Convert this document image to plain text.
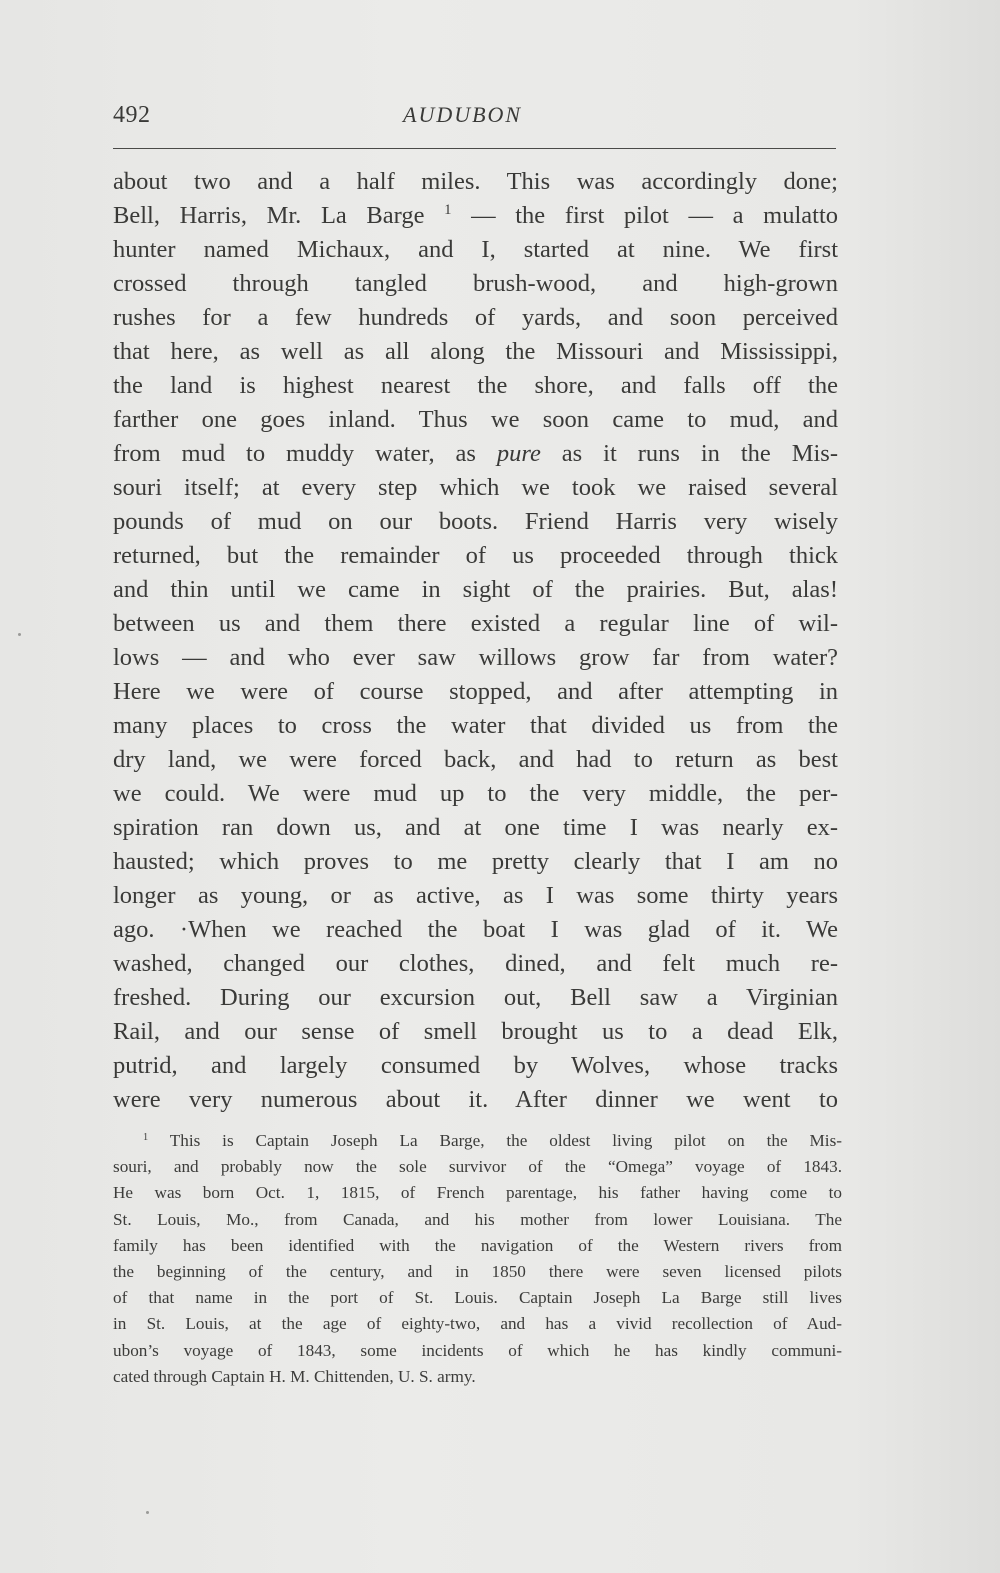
492	AUDUBON
about two and a half miles. This was accordingly done;
Bell, Harris, Mr. La Barge $^1$ — the first pilot — a mulatto
hunter named Michaux, and I, started at nine. We first
crossed through tangled brush-wood, and high-grown
rushes for a few hundreds of yards, and soon perceived
that here, as well as all along the Missouri and Mississippi,
the land is highest nearest the shore, and falls off the
farther one goes inland. Thus we soon came to mud, and
from mud to muddy water, as pure as it runs in the Mis-
souri itself; at every step which we took we raised several
pounds of mud on our boots. Friend Harris very wisely
returned, but the remainder of us proceeded through thick
and thin until we came in sight of the prairies. But, alas!
between us and them there existed a regular line of wil-
lows — and who ever saw willows grow far from water?
Here we were of course stopped, and after attempting in
many places to cross the water that divided us from the
dry land, we were forced back, and had to return as best
we could. We were mud up to the very middle, the per-
spiration ran down us, and at one time I was nearly ex-
hausted; which proves to me pretty clearly that I am no
longer as young, or as active, as I was some thirty years
ago. ·When we reached the boat I was glad of it. We
washed, changed our clothes, dined, and felt much re-
freshed. During our excursion out, Bell saw a Virginian
Rail, and our sense of smell brought us to a dead Elk,
putrid, and largely consumed by Wolves, whose tracks
were very numerous about it. After dinner we went to
$^1$ This is Captain Joseph La Barge, the oldest living pilot on the Mis-
souri, and probably now the sole survivor of the “Omega” voyage of 1843.
He was born Oct. 1, 1815, of French parentage, his father having come to
St. Louis, Mo., from Canada, and his mother from lower Louisiana. The
family has been identified with the navigation of the Western rivers from
the beginning of the century, and in 1850 there were seven licensed pilots
of that name in the port of St. Louis. Captain Joseph La Barge still lives
in St. Louis, at the age of eighty-two, and has a vivid recollection of Aud-
ubon’s voyage of 1843, some incidents of which he has kindly communi-
cated through Captain H. M. Chittenden, U. S. army.
